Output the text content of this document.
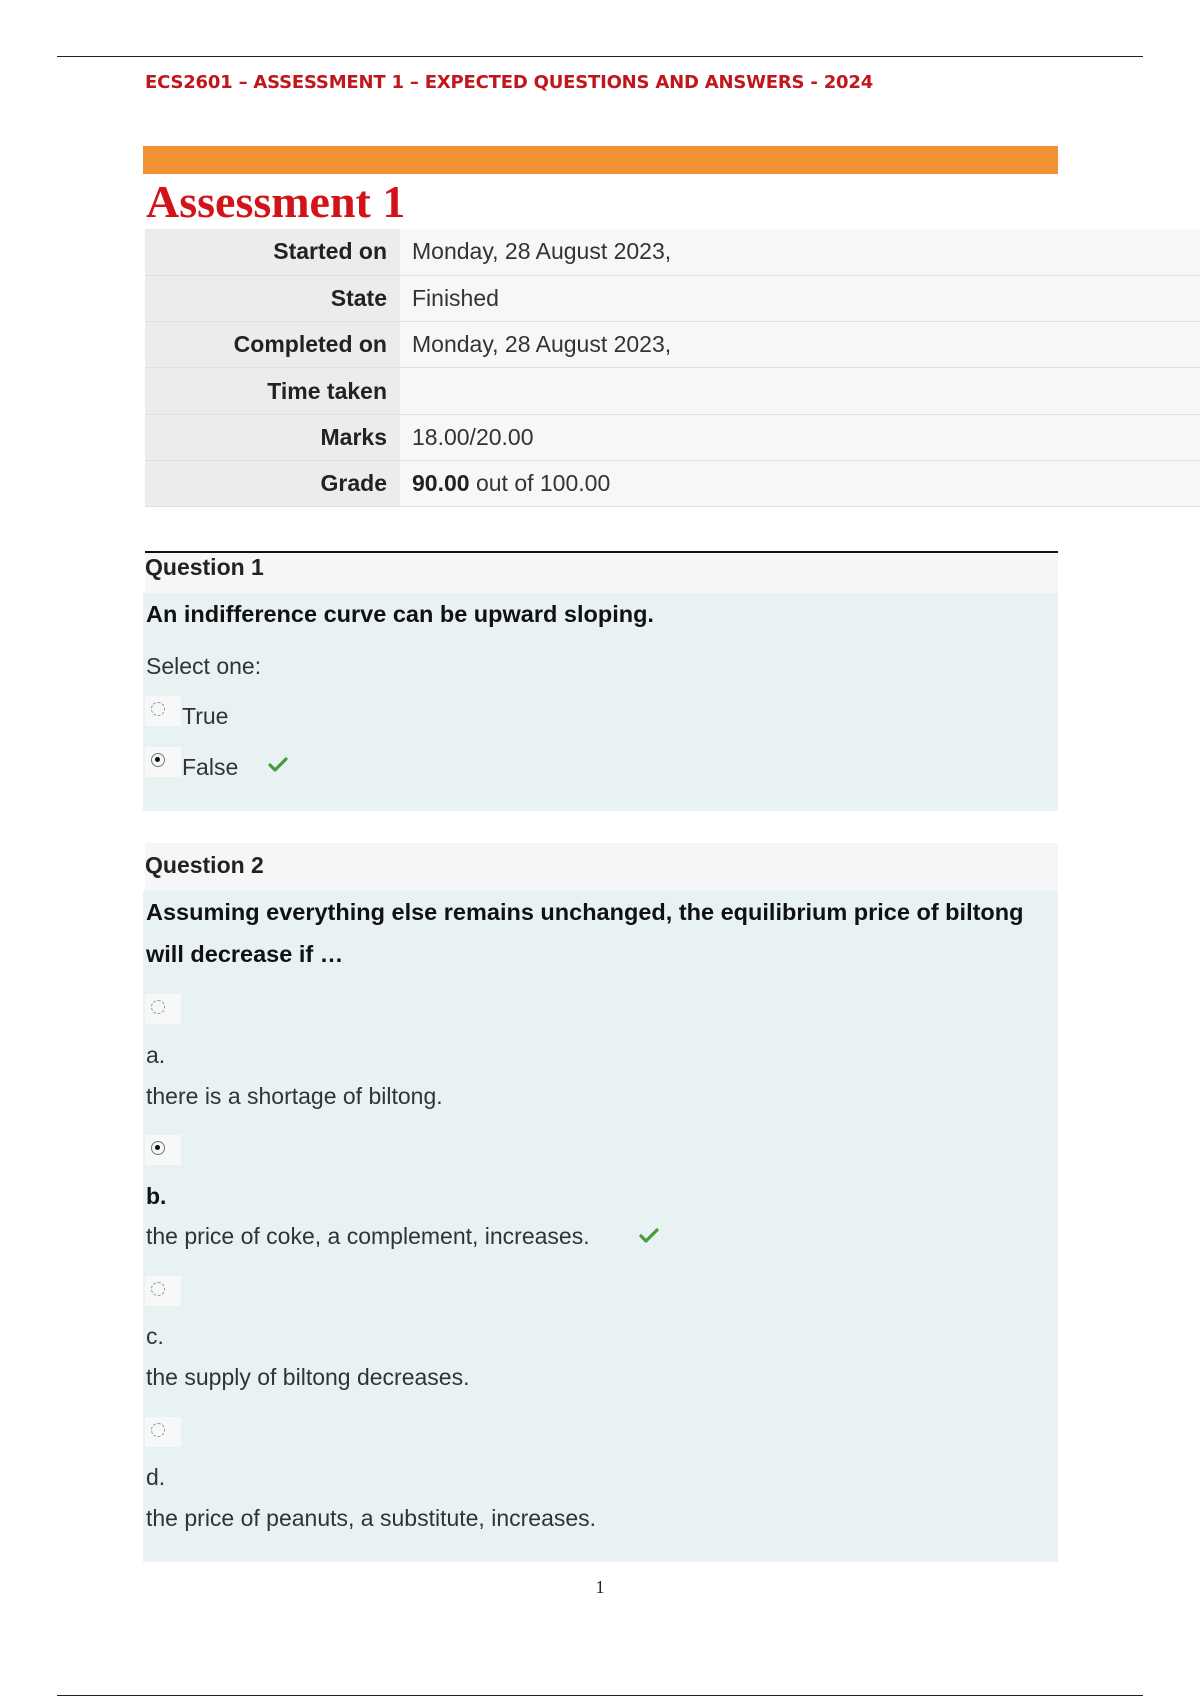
ECS2601 – ASSESSMENT 1 – EXPECTED QUESTIONS AND ANSWERS - 2024
Assessment 1
Started on	Monday, 28 August 2023,
State	Finished
Completed on	Monday, 28 August 2023,
Time taken	
Marks	18.00/20.00
Grade	90.00 out of 100.00
Question 1
An indifference curve can be upward sloping.
Select one:
True
False
Question 2
Assuming everything else remains unchanged, the equilibrium price of biltong will decrease if …
a.
there is a shortage of biltong.
b.
the price of coke, a complement, increases.
c.
the supply of biltong decreases.
d.
the price of peanuts, a substitute, increases.
1
